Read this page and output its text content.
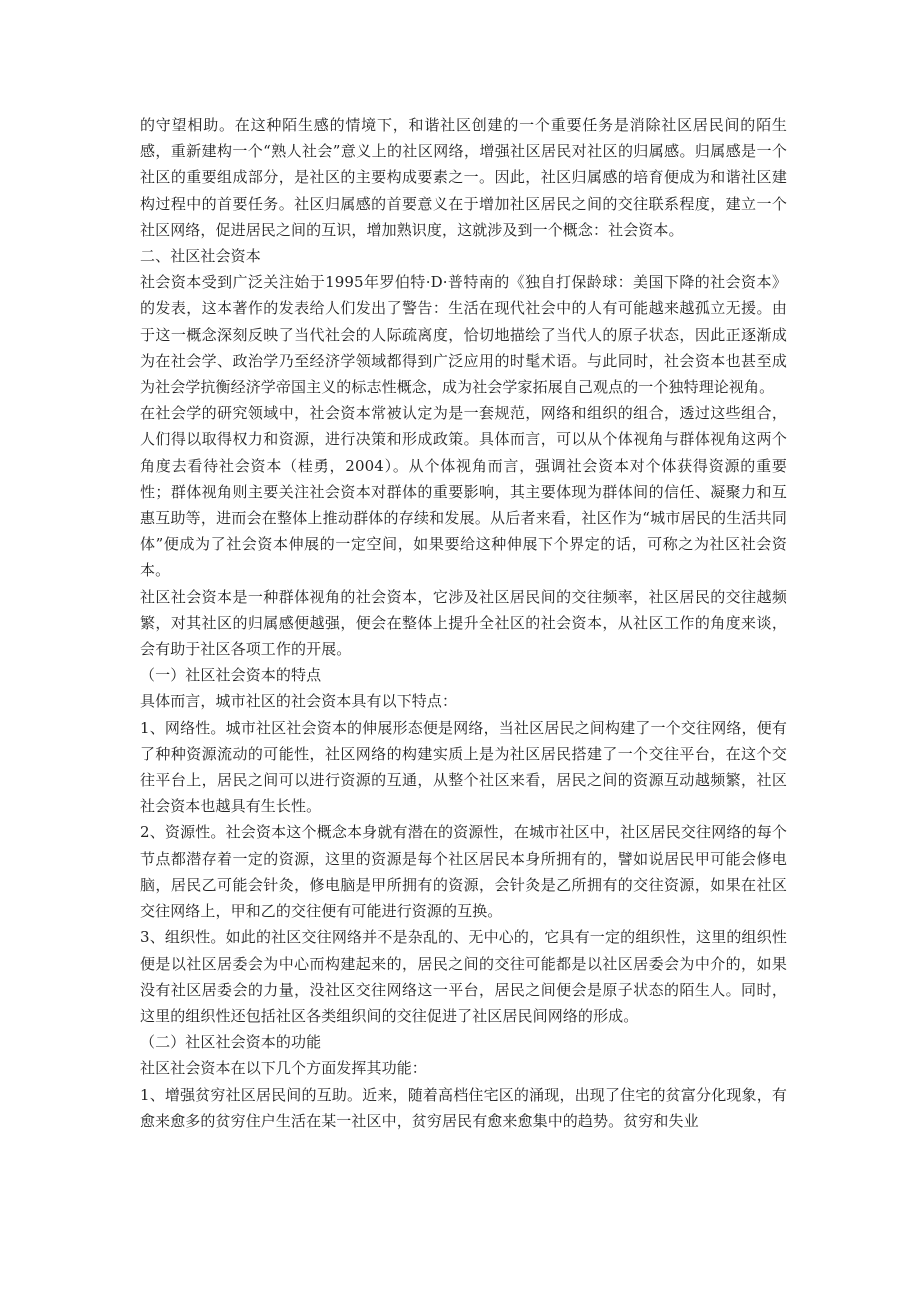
的守望相助。在这种陌生感的情境下，和谐社区创建的一个重要任务是消除社区居民间的陌生感，重新建构一个“熟人社会”意义上的社区网络，增强社区居民对社区的归属感。归属感是一个社区的重要组成部分，是社区的主要构成要素之一。因此，社区归属感的培育便成为和谐社区建构过程中的首要任务。社区归属感的首要意义在于增加社区居民之间的交往联系程度，建立一个社区网络，促进居民之间的互识，增加熟识度，这就涉及到一个概念：社会资本。

二、社区社会资本

社会资本受到广泛关注始于1995年罗伯特·D·普特南的《独自打保龄球：美国下降的社会资本》的发表，这本著作的发表给人们发出了警告：生活在现代社会中的人有可能越来越孤立无援。由于这一概念深刻反映了当代社会的人际疏离度，恰切地描绘了当代人的原子状态，因此正逐渐成为在社会学、政治学乃至经济学领域都得到广泛应用的时髦术语。与此同时，社会资本也甚至成为社会学抗衡经济学帝国主义的标志性概念，成为社会学家拓展自己观点的一个独特理论视角。

在社会学的研究领域中，社会资本常被认定为是一套规范，网络和组织的组合，透过这些组合，人们得以取得权力和资源，进行决策和形成政策。具体而言，可以从个体视角与群体视角这两个角度去看待社会资本（桂勇，2004）。从个体视角而言，强调社会资本对个体获得资源的重要性；群体视角则主要关注社会资本对群体的重要影响，其主要体现为群体间的信任、凝聚力和互惠互助等，进而会在整体上推动群体的存续和发展。从后者来看，社区作为“城市居民的生活共同体”便成为了社会资本伸展的一定空间，如果要给这种伸展下个界定的话，可称之为社区社会资本。

社区社会资本是一种群体视角的社会资本，它涉及社区居民间的交往频率，社区居民的交往越频繁，对其社区的归属感便越强，便会在整体上提升全社区的社会资本，从社区工作的角度来谈，会有助于社区各项工作的开展。

（一）社区社会资本的特点

具体而言，城市社区的社会资本具有以下特点：

1、网络性。城市社区社会资本的伸展形态便是网络，当社区居民之间构建了一个交往网络，便有了种种资源流动的可能性，社区网络的构建实质上是为社区居民搭建了一个交往平台，在这个交往平台上，居民之间可以进行资源的互通，从整个社区来看，居民之间的资源互动越频繁，社区社会资本也越具有生长性。

2、资源性。社会资本这个概念本身就有潜在的资源性，在城市社区中，社区居民交往网络的每个节点都潜存着一定的资源，这里的资源是每个社区居民本身所拥有的，譬如说居民甲可能会修电脑，居民乙可能会针灸，修电脑是甲所拥有的资源，会针灸是乙所拥有的交往资源，如果在社区交往网络上，甲和乙的交往便有可能进行资源的互换。

3、组织性。如此的社区交往网络并不是杂乱的、无中心的，它具有一定的组织性，这里的组织性便是以社区居委会为中心而构建起来的，居民之间的交往可能都是以社区居委会为中介的，如果没有社区居委会的力量，没社区交往网络这一平台，居民之间便会是原子状态的陌生人。同时，这里的组织性还包括社区各类组织间的交往促进了社区居民间网络的形成。

（二）社区社会资本的功能

社区社会资本在以下几个方面发挥其功能：

1、增强贫穷社区居民间的互助。近来，随着高档住宅区的涌现，出现了住宅的贫富分化现象，有愈来愈多的贫穷住户生活在某一社区中，贫穷居民有愈来愈集中的趋势。贫穷和失业
